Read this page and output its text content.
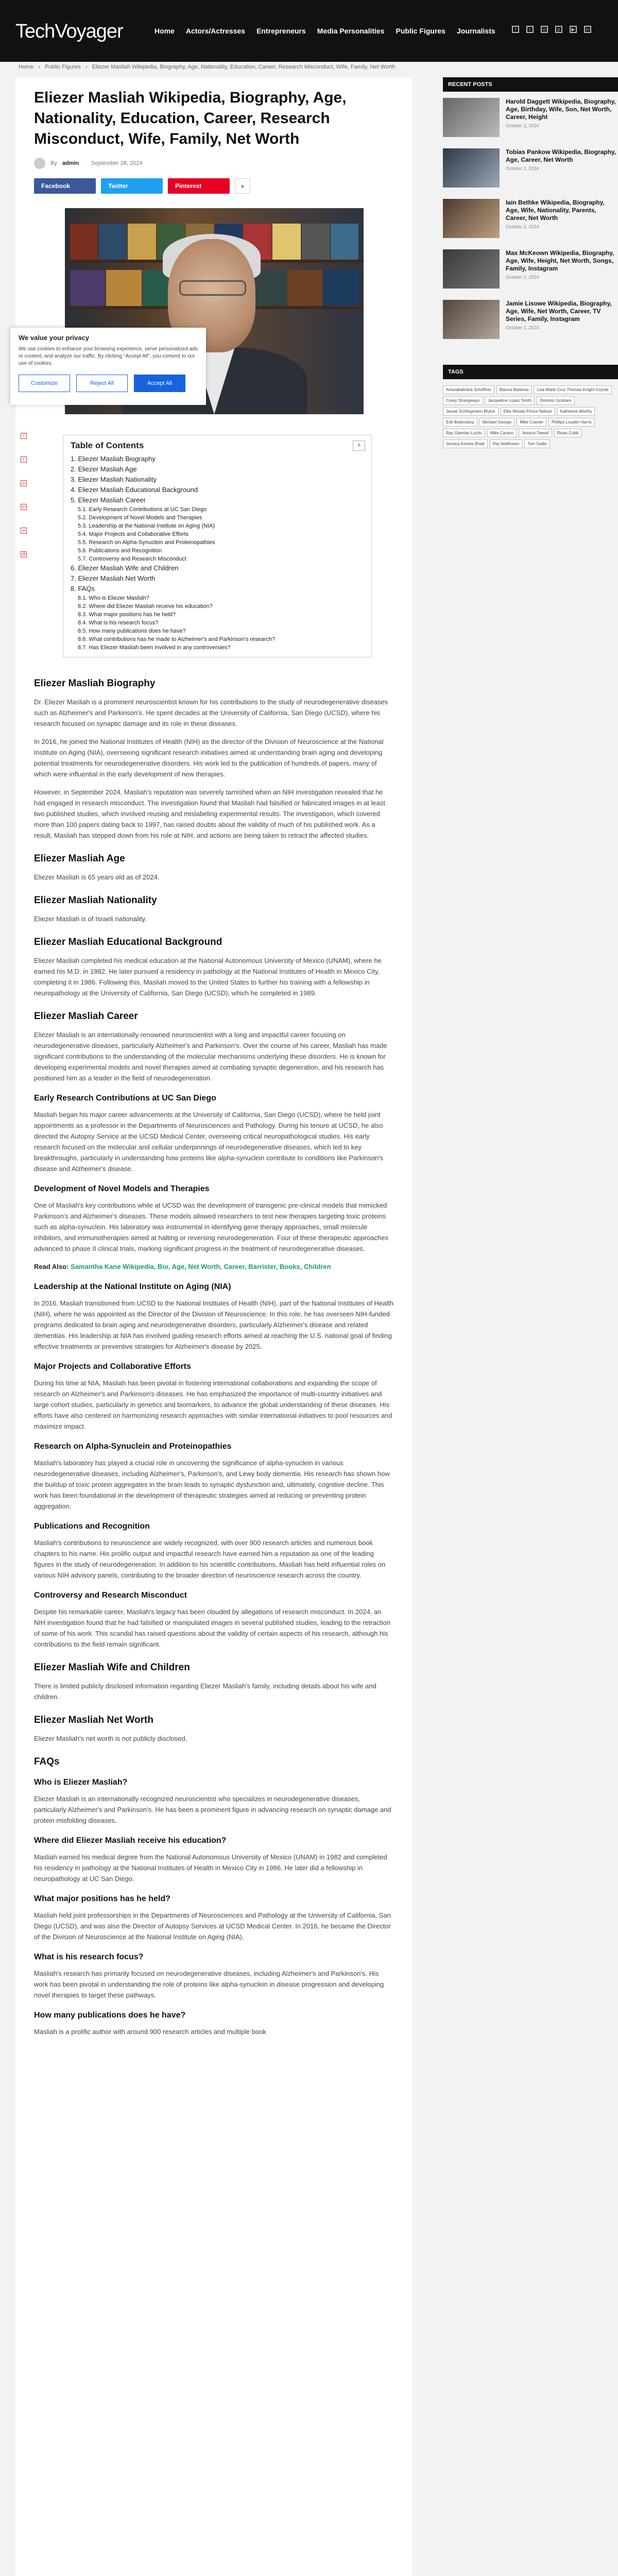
TechVoyager	Home Actors/Actresses Entrepreneurs Media Personalities Public Figures Journalists	f	t	◎	p	▶	in
Home › Public Figures › Eliezer Masliah Wikipedia, Biography, Age, Nationality, Education, Career, Research Misconduct, Wife, Family, Net Worth
Eliezer Masliah Wikipedia, Biography, Age, Nationality, Education, Career, Research Misconduct, Wife, Family, Net Worth
By admin · September 28, 2024
Facebook	Twitter	Pinterest	+
Table of Contents	≡
1. Eliezer Masliah Biography
2. Eliezer Masliah Age
3. Eliezer Masliah Nationality
4. Eliezer Masliah Educational Background
5. Eliezer Masliah Career
5.1. Early Research Contributions at UC San Diego
5.2. Development of Novel Models and Therapies
5.3. Leadership at the National Institute on Aging (NIA)
5.4. Major Projects and Collaborative Efforts
5.5. Research on Alpha-Synuclein and Proteinopathies
5.6. Publications and Recognition
5.7. Controversy and Research Misconduct
6. Eliezer Masliah Wife and Children
7. Eliezer Masliah Net Worth
8. FAQs
8.1. Who is Eliezer Masliah?
8.2. Where did Eliezer Masliah receive his education?
8.3. What major positions has he held?
8.4. What is his research focus?
8.5. How many publications does he have?
8.6. What contributions has he made to Alzheimer's and Parkinson's research?
8.7. Has Eliezer Masliah been involved in any controversies?
Eliezer Masliah Biography

Dr. Eliezer Masliah is a prominent neuroscientist known for his contributions to the study of neurodegenerative diseases such as Alzheimer's and Parkinson's. He spent decades at the University of California, San Diego (UCSD), where his research focused on synaptic damage and its role in these diseases.

In 2016, he joined the National Institutes of Health (NIH) as the director of the Division of Neuroscience at the National Institute on Aging (NIA), overseeing significant research initiatives aimed at understanding brain aging and developing potential treatments for neurodegenerative disorders. His work led to the publication of hundreds of papers, many of which were influential in the early development of new therapies.

However, in September 2024, Masliah's reputation was severely tarnished when an NIH investigation revealed that he had engaged in research misconduct. The investigation found that Masliah had falsified or fabricated images in at least two published studies, which involved reusing and mislabeling experimental results. The investigation, which covered more than 100 papers dating back to 1997, has raised doubts about the validity of much of his published work. As a result, Masliah has stepped down from his role at NIH, and actions are being taken to retract the affected studies.

Eliezer Masliah Age

Eliezer Masliah is 65 years old as of 2024.

Eliezer Masliah Nationality

Eliezer Masliah is of Israeli nationality.

Eliezer Masliah Educational Background

Eliezer Masliah completed his medical education at the National Autonomous University of Mexico (UNAM), where he earned his M.D. in 1982. He later pursued a residency in pathology at the National Institutes of Health in Mexico City, completing it in 1986. Following this, Masliah moved to the United States to further his training with a fellowship in neuropathology at the University of California, San Diego (UCSD), which he completed in 1989.

Eliezer Masliah Career

Eliezer Masliah is an internationally renowned neuroscientist with a long and impactful career focusing on neurodegenerative diseases, particularly Alzheimer's and Parkinson's. Over the course of his career, Masliah has made significant contributions to the understanding of the molecular mechanisms underlying these disorders. He is known for developing experimental models and novel therapies aimed at combating synaptic degeneration, and his research has positioned him as a leader in the field of neurodegeneration.

Early Research Contributions at UC San Diego

Masliah began his major career advancements at the University of California, San Diego (UCSD), where he held joint appointments as a professor in the Departments of Neurosciences and Pathology. During his tenure at UCSD, he also directed the Autopsy Service at the UCSD Medical Center, overseeing critical neuropathological studies. His early research focused on the molecular and cellular underpinnings of neurodegenerative diseases, which led to key breakthroughs, particularly in understanding how proteins like alpha-synuclein contribute to conditions like Parkinson's disease and Alzheimer's disease.

Development of Novel Models and Therapies

One of Masliah's key contributions while at UCSD was the development of transgenic pre-clinical models that mimicked Parkinson's and Alzheimer's diseases. These models allowed researchers to test new therapies targeting toxic proteins such as alpha-synuclein. His laboratory was instrumental in identifying gene therapy approaches, small molecule inhibitors, and immunotherapies aimed at halting or reversing neurodegeneration. Four of these therapeutic approaches advanced to phase II clinical trials, marking significant progress in the treatment of neurodegenerative diseases.

Read Also: Samantha Kane Wikipedia, Bio, Age, Net Worth, Career, Barrister, Books, Children

Leadership at the National Institute on Aging (NIA)

In 2016, Masliah transitioned from UCSD to the National Institutes of Health (NIH), part of the National Institutes of Health (NIH), where he was appointed as the Director of the Division of Neuroscience. In this role, he has overseen NIH-funded programs dedicated to brain aging and neurodegenerative disorders, particularly Alzheimer's disease and related dementias. His leadership at NIA has involved guiding research efforts aimed at reaching the U.S. national goal of finding effective treatments or preventive strategies for Alzheimer's disease by 2025.

Major Projects and Collaborative Efforts

During his time at NIA, Masliah has been pivotal in fostering international collaborations and expanding the scope of research on Alzheimer's and Parkinson's diseases. He has emphasized the importance of multi-country initiatives and large cohort studies, particularly in genetics and biomarkers, to advance the global understanding of these diseases. His efforts have also centered on harmonizing research approaches with similar international initiatives to pool resources and maximize impact.

Research on Alpha-Synuclein and Proteinopathies

Masliah's laboratory has played a crucial role in uncovering the significance of alpha-synuclein in various neurodegenerative diseases, including Alzheimer's, Parkinson's, and Lewy body dementia. His research has shown how the buildup of toxic protein aggregates in the brain leads to synaptic dysfunction and, ultimately, cognitive decline. This work has been foundational in the development of therapeutic strategies aimed at reducing or preventing protein aggregation.

Publications and Recognition

Masliah's contributions to neuroscience are widely recognized, with over 900 research articles and numerous book chapters to his name. His prolific output and impactful research have earned him a reputation as one of the leading figures in the study of neurodegeneration. In addition to his scientific contributions, Masliah has held influential roles on various NIH advisory panels, contributing to the broader direction of neuroscience research across the country.

Controversy and Research Misconduct

Despite his remarkable career, Masliah's legacy has been clouded by allegations of research misconduct. In 2024, an NIH investigation found that he had falsified or manipulated images in several published studies, leading to the retraction of some of his work. This scandal has raised questions about the validity of certain aspects of his research, although his contributions to the field remain significant.

Eliezer Masliah Wife and Children

There is limited publicly disclosed information regarding Eliezer Masliah's family, including details about his wife and children.

Eliezer Masliah Net Worth

Eliezer Masliah's net worth is not publicly disclosed.

FAQs
Who is Eliezer Masliah?

Eliezer Masliah is an internationally recognized neuroscientist who specializes in neurodegenerative diseases, particularly Alzheimer's and Parkinson's. He has been a prominent figure in advancing research on synaptic damage and protein misfolding diseases.

Where did Eliezer Masliah receive his education?

Masliah earned his medical degree from the National Autonomous University of Mexico (UNAM) in 1982 and completed his residency in pathology at the National Institutes of Health in Mexico City in 1986. He later did a fellowship in neuropathology at UC San Diego.

What major positions has he held?

Masliah held joint professorships in the Departments of Neurosciences and Pathology at the University of California, San Diego (UCSD), and was also the Director of Autopsy Services at UCSD Medical Center. In 2016, he became the Director of the Division of Neuroscience at the National Institute on Aging (NIA).

What is his research focus?

Masliah's research has primarily focused on neurodegenerative diseases, including Alzheimer's and Parkinson's. His work has been pivotal in understanding the role of proteins like alpha-synuclein in disease progression and developing novel therapies to target these pathways.

How many publications does he have?

Masliah is a prolific author with around 900 research articles and multiple book

We value your privacy

We use cookies to enhance your browsing experience, serve personalized ads or content, and analyze our traffic. By clicking "Accept All", you consent to our use of cookies.

Customize	Reject All	Accept All
f
t
p
in
w
@
RECENT POSTS
Harold Daggett Wikipedia, Biography, Age, Birthday, Wife, Son, Net Worth, Career, Height
October 2, 2024
Tobias Pankow Wikipedia, Biography, Age, Career, Net Worth
October 2, 2024
Iain Bethke Wikipedia, Biography, Age, Wife, Nationality, Parents, Career, Net Worth
October 2, 2024
Max McKeown Wikipedia, Biography, Age, Wife, Height, Net Worth, Songs, Family, Instagram
October 2, 2024
Jamie Lisowe Wikipedia, Biography, Age, Wife, Net Worth, Career, TV Series, Family, Instagram
October 2, 2024
TAGS
Amarakalindra Schoffner	Bianca Barbosa	Lisa Marie Cruz Thomas Knight Coyote
Corey Strangways	Jacqueline Lopez Smith	Dominic Grisham
Jessie Schlingmann Blyton	Ellie Woods Prince Nelson	Katherine Worthy
Erik Buitendorp	Michael George	Mike Cramer	Phillips Louden Harris
Ray Glamian Lozito	Mike Carano	Jessica Tweed	Rinas Cobb
Jessica Kontes Bhatt	Raj Veldhoven	Tom Gallio
